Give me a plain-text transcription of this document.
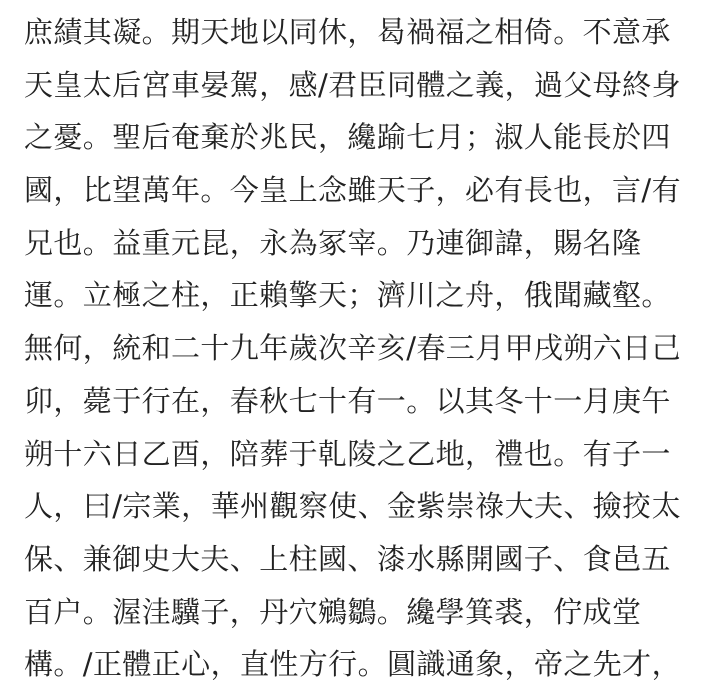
庶績其凝。期天地以同休，曷禍福之相倚。不意承
天皇太后宮車晏駕，感/君臣同體之義，過父母終身
之憂。聖后奄棄於兆民，纔踰七月；淑人能長於四
國，比望萬年。今皇上念雖天子，必有長也，言/有
兄也。益重元昆，永為冢宰。乃連御諱，賜名隆
運。立極之柱，正賴擎天；濟川之舟，俄聞藏壑。
無何，統和二十九年歲次辛亥/春三月甲戌朔六日己
卯，薨于行在，春秋七十有一。以其冬十一月庚午
朔十六日乙酉，陪葬于乹陵之乙地，禮也。有子一
人，曰/宗業，華州觀察使、金紫崇祿大夫、撿挍太
保、兼御史大夫、上柱國、漆水縣開國子、食邑五
百户。渥洼驥子，丹穴鵷鶵。纔學箕裘，佇成堂
構。/正體正心，直性方行。圓識通象，帝之先才，
